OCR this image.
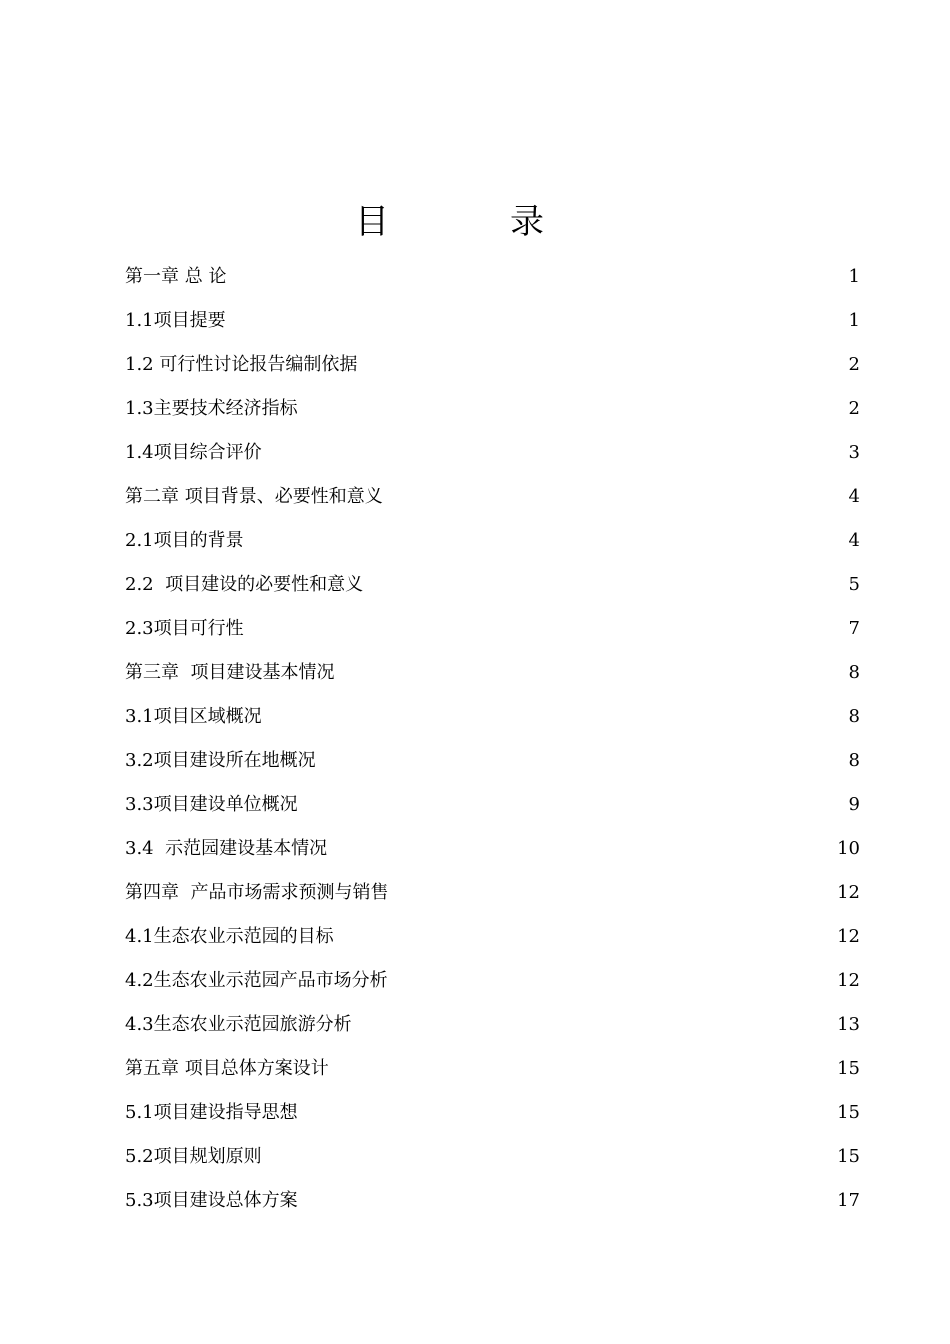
目	录
第一章 总 论	1
1.1项目提要	1
1.2 可行性讨论报告编制依据	2
1.3主要技术经济指标	2
1.4项目综合评价	3
第二章 项目背景、必要性和意义	4
2.1项目的背景	4
2.2  项目建设的必要性和意义	5
2.3项目可行性	7
第三章  项目建设基本情况	8
3.1项目区域概况	8
3.2项目建设所在地概况	8
3.3项目建设单位概况	9
3.4  示范园建设基本情况	10
第四章  产品市场需求预测与销售	12
4.1生态农业示范园的目标	12
4.2生态农业示范园产品市场分析	12
4.3生态农业示范园旅游分析	13
第五章 项目总体方案设计	15
5.1项目建设指导思想	15
5.2项目规划原则	15
5.3项目建设总体方案	17
